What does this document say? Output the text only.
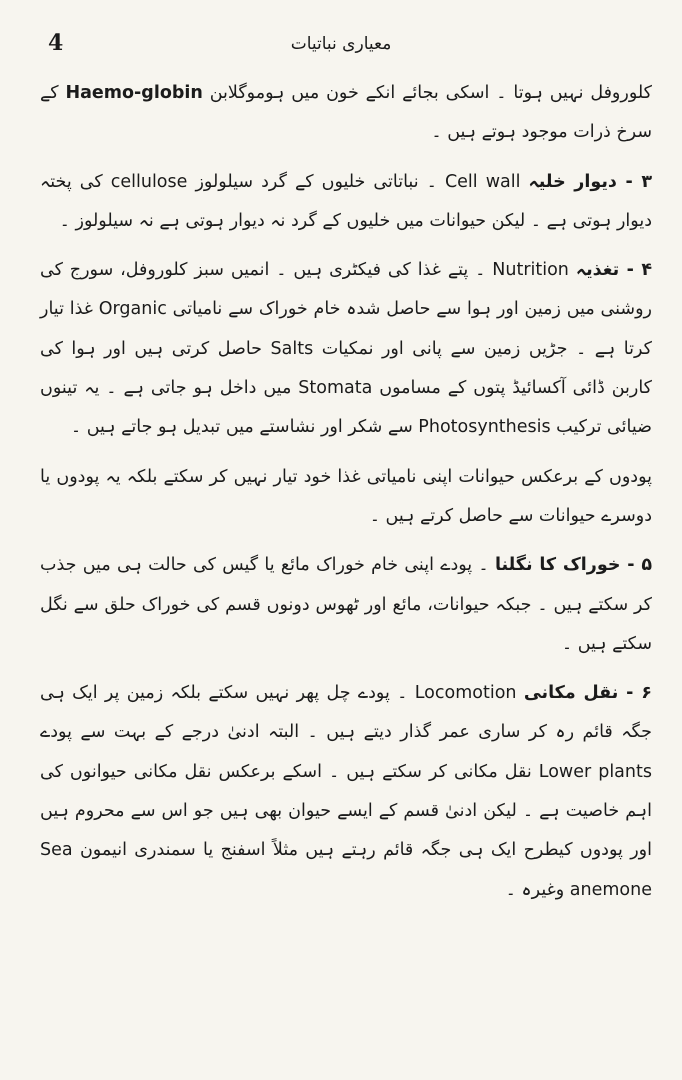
4	معیاری نباتیات

کلوروفل نہیں ہوتا ۔ اسکی بجائے انکے خون میں ہوموگلابن Haemo-globin کے سرخ ذرات موجود ہوتے ہیں ۔

۳ - دیوار خلیہ Cell wall ۔ نباتاتی خلیوں کے گرد سیلولوز cellulose کی پختہ دیوار ہوتی ہے ۔ لیکن حیوانات میں خلیوں کے گرد نہ دیوار ہوتی ہے نہ سیلولوز ۔

۴ - تغذیہ Nutrition ۔ پتے غذا کی فیکٹری ہیں ۔ انمیں سبز کلوروفل، سورج کی روشنی میں زمین اور ہوا سے حاصل شدہ خام خوراک سے نامیاتی Organic غذا تیار کرتا ہے ۔ جڑیں زمین سے پانی اور نمکیات Salts حاصل کرتی ہیں اور ہوا کی کاربن ڈائی آکسائیڈ پتوں کے مساموں Stomata میں داخل ہو جاتی ہے ۔ یہ تینوں ضیائی ترکیب Photosynthesis سے شکر اور نشاستے میں تبدیل ہو جاتے ہیں ۔

پودوں کے برعکس حیوانات اپنی نامیاتی غذا خود تیار نہیں کر سکتے بلکہ یہ پودوں یا دوسرے حیوانات سے حاصل کرتے ہیں ۔

۵ - خوراک کا نگلنا ۔ پودے اپنی خام خوراک مائع یا گیس کی حالت ہی میں جذب کر سکتے ہیں ۔ جبکہ حیوانات، مائع اور ٹھوس دونوں قسم کی خوراک حلق سے نگل سکتے ہیں ۔

۶ - نقل مکانی Locomotion ۔ پودے چل پھر نہیں سکتے بلکہ زمین پر ایک ہی جگہ قائم رہ کر ساری عمر گذار دیتے ہیں ۔ البتہ ادنیٰ درجے کے بہت سے پودے Lower plants نقل مکانی کر سکتے ہیں ۔ اسکے برعکس نقل مکانی حیوانوں کی اہم خاصیت ہے ۔ لیکن ادنیٰ قسم کے ایسے حیوان بھی ہیں جو اس سے محروم ہیں اور پودوں کیطرح ایک ہی جگہ قائم رہتے ہیں مثلاً اسفنج یا سمندری انیمون Sea anemone وغیرہ ۔
